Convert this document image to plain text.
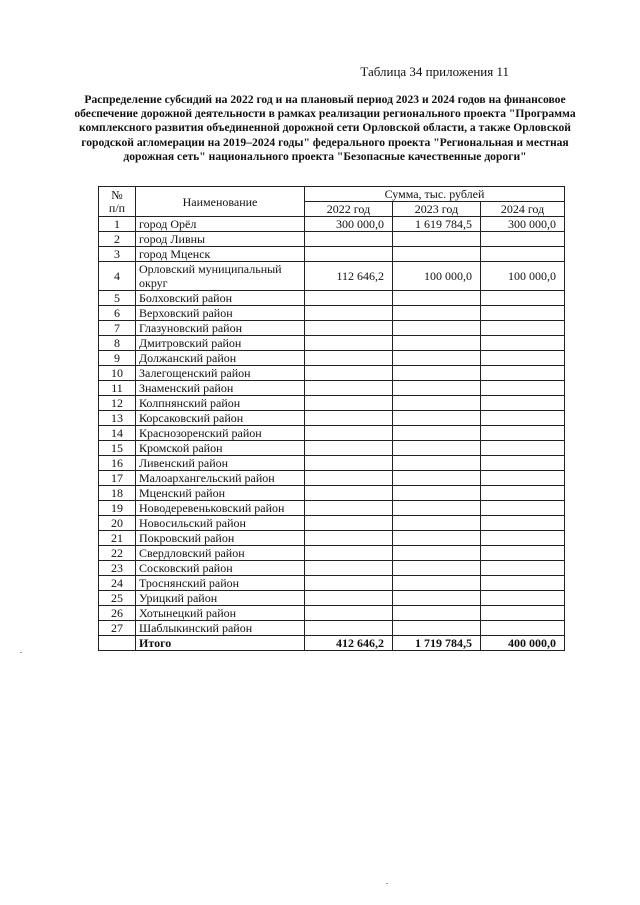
Таблица 34 приложения 11
Распределение субсидий на 2022 год и на плановый период 2023 и 2024 годов на финансовое обеспечение дорожной деятельности в рамках реализации регионального проекта "Программа комплексного развития объединенной дорожной сети Орловской области, а также Орловской городской агломерации на 2019–2024 годы" федерального проекта "Региональная и местная дорожная сеть" национального проекта "Безопасные качественные дороги"
№
п/п	Наименование	Сумма, тыс. рублей		
		2022 год	2023 год	2024 год
1	город Орёл	300 000,0	1 619 784,5	300 000,0
2	город Ливны			
3	город Мценск			
4	Орловский муниципальный округ	112 646,2	100 000,0	100 000,0
5	Болховский район			
6	Верховский район			
7	Глазуновский район			
8	Дмитровский район			
9	Должанский район			
10	Залегощенский район			
11	Знаменский район			
12	Колпнянский район			
13	Корсаковский район			
14	Краснозоренский район			
15	Кромской район			
16	Ливенский район			
17	Малоархангельский район			
18	Мценский район			
19	Новодеревеньковский район			
20	Новосильский район			
21	Покровский район			
22	Свердловский район			
23	Сосковский район			
24	Троснянский район			
25	Урицкий район			
26	Хотынецкий район			
27	Шаблыкинский район			
	Итого	412 646,2	1 719 784,5	400 000,0
